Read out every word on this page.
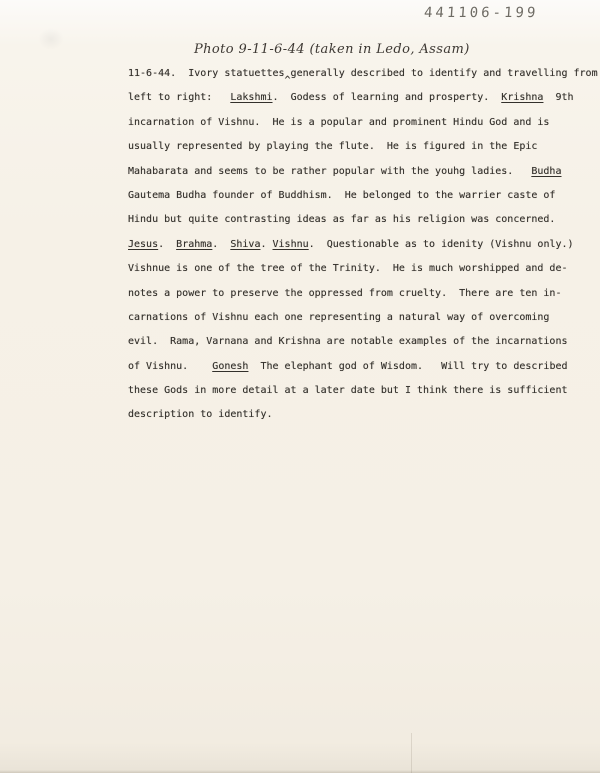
441106-199
Photo 9-11-6-44 (taken in Ledo, Assam)
11-6-44.  Ivory statuettes^generally described to identify and travelling from
left to right:   Lakshmi.  Godess of learning and prosperty.  Krishna  9th
incarnation of Vishnu.  He is a popular and prominent Hindu God and is
usually represented by playing the flute.  He is figured in the Epic
Mahabarata and seems to be rather popular with the youhg ladies.   Budha
Gautema Budha founder of Buddhism.  He belonged to the warrier caste of
Hindu but quite contrasting ideas as far as his religion was concerned.
Jesus.  Brahma.  Shiva. Vishnu.  Questionable as to idenity (Vishnu only.)
Vishnue is one of the tree of the Trinity.  He is much worshipped and de-
notes a power to preserve the oppressed from cruelty.  There are ten in-
carnations of Vishnu each one representing a natural way of overcoming
evil.  Rama, Varnana and Krishna are notable examples of the incarnations
of Vishnu.    Gonesh  The elephant god of Wisdom.   Will try to described
these Gods in more detail at a later date but I think there is sufficient
description to identify.
